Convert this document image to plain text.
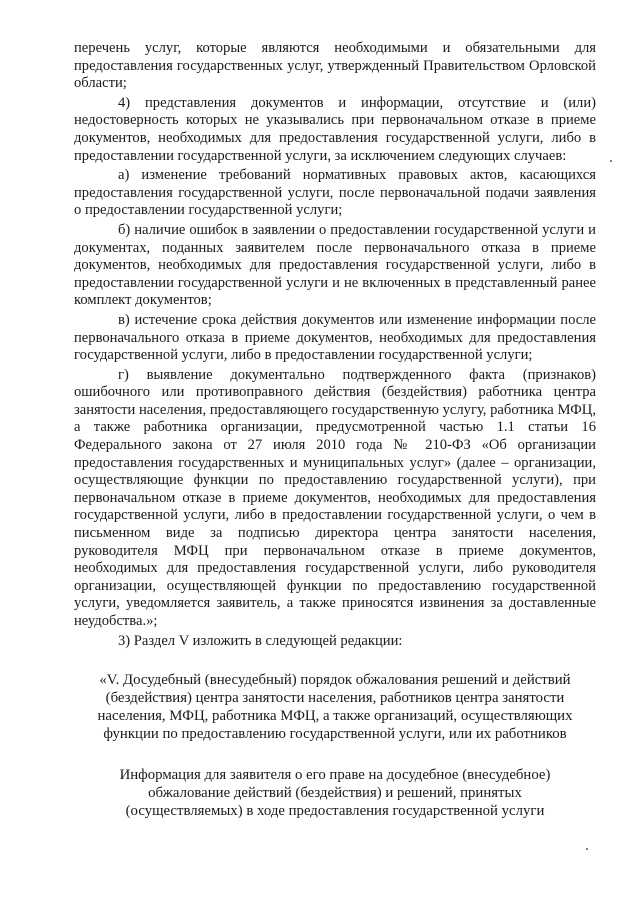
перечень услуг, которые являются необходимыми и обязательными для предоставления государственных услуг, утвержденный Правительством Орловской области;

4) представления документов и информации, отсутствие и (или) недостоверность которых не указывались при первоначальном отказе в приеме документов, необходимых для предоставления государственной услуги, либо в предоставлении государственной услуги, за исключением следующих случаев:

а) изменение требований нормативных правовых актов, касающихся предоставления государственной услуги, после первоначальной подачи заявления о предоставлении государственной услуги;

б) наличие ошибок в заявлении о предоставлении государственной услуги и документах, поданных заявителем после первоначального отказа в приеме документов, необходимых для предоставления государственной услуги, либо в предоставлении государственной услуги и не включенных в представленный ранее комплект документов;

в) истечение срока действия документов или изменение информации после первоначального отказа в приеме документов, необходимых для предоставления государственной услуги, либо в предоставлении государственной услуги;

г) выявление документально подтвержденного факта (признаков) ошибочного или противоправного действия (бездействия) работника центра занятости населения, предоставляющего государственную услугу, работника МФЦ, а также работника организации, предусмотренной частью 1.1 статьи 16 Федерального закона от 27 июля 2010 года № 210-ФЗ «Об организации предоставления государственных и муниципальных услуг» (далее – организации, осуществляющие функции по предоставлению государственной услуги), при первоначальном отказе в приеме документов, необходимых для предоставления государственной услуги, либо в предоставлении государственной услуги, о чем в письменном виде за подписью директора центра занятости населения, руководителя МФЦ при первоначальном отказе в приеме документов, необходимых для предоставления государственной услуги, либо руководителя организации, осуществляющей функции по предоставлению государственной услуги, уведомляется заявитель, а также приносятся извинения за доставленные неудобства.»;

3) Раздел V изложить в следующей редакции:

«V. Досудебный (внесудебный) порядок обжалования решений и действий (бездействия) центра занятости населения, работников центра занятости населения, МФЦ, работника МФЦ, а также организаций, осуществляющих функции по предоставлению государственной услуги, или их работников

Информация для заявителя о его праве на досудебное (внесудебное) обжалование действий (бездействия) и решений, принятых (осуществляемых) в ходе предоставления государственной услуги
